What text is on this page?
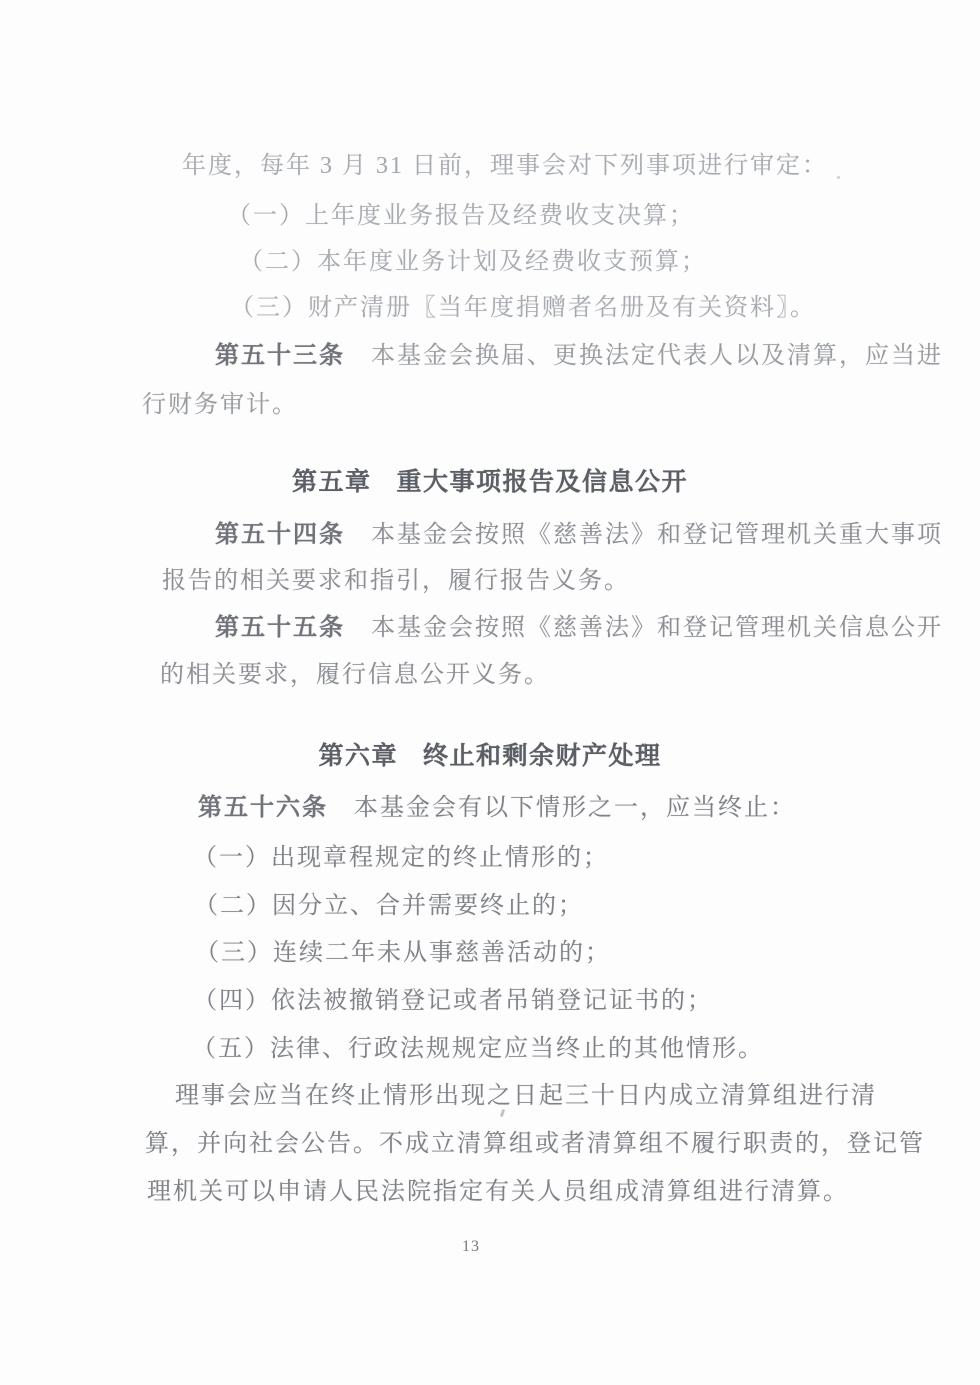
年度，每年 3 月 31 日前，理事会对下列事项进行审定：
（一）上年度业务报告及经费收支决算；
（二）本年度业务计划及经费收支预算；
（三）财产清册〖当年度捐赠者名册及有关资料〗。
第五十三条 本基金会换届、更换法定代表人以及清算，应当进
行财务审计。
第五章 重大事项报告及信息公开
第五十四条 本基金会按照《慈善法》和登记管理机关重大事项
报告的相关要求和指引，履行报告义务。
第五十五条 本基金会按照《慈善法》和登记管理机关信息公开
的相关要求，履行信息公开义务。
第六章 终止和剩余财产处理
第五十六条 本基金会有以下情形之一，应当终止：
（一）出现章程规定的终止情形的；
（二）因分立、合并需要终止的；
（三）连续二年未从事慈善活动的；
（四）依法被撤销登记或者吊销登记证书的；
（五）法律、行政法规规定应当终止的其他情形。
理事会应当在终止情形出现之日起三十日内成立清算组进行清
算，并向社会公告。不成立清算组或者清算组不履行职责的，登记管
理机关可以申请人民法院指定有关人员组成清算组进行清算。
13
